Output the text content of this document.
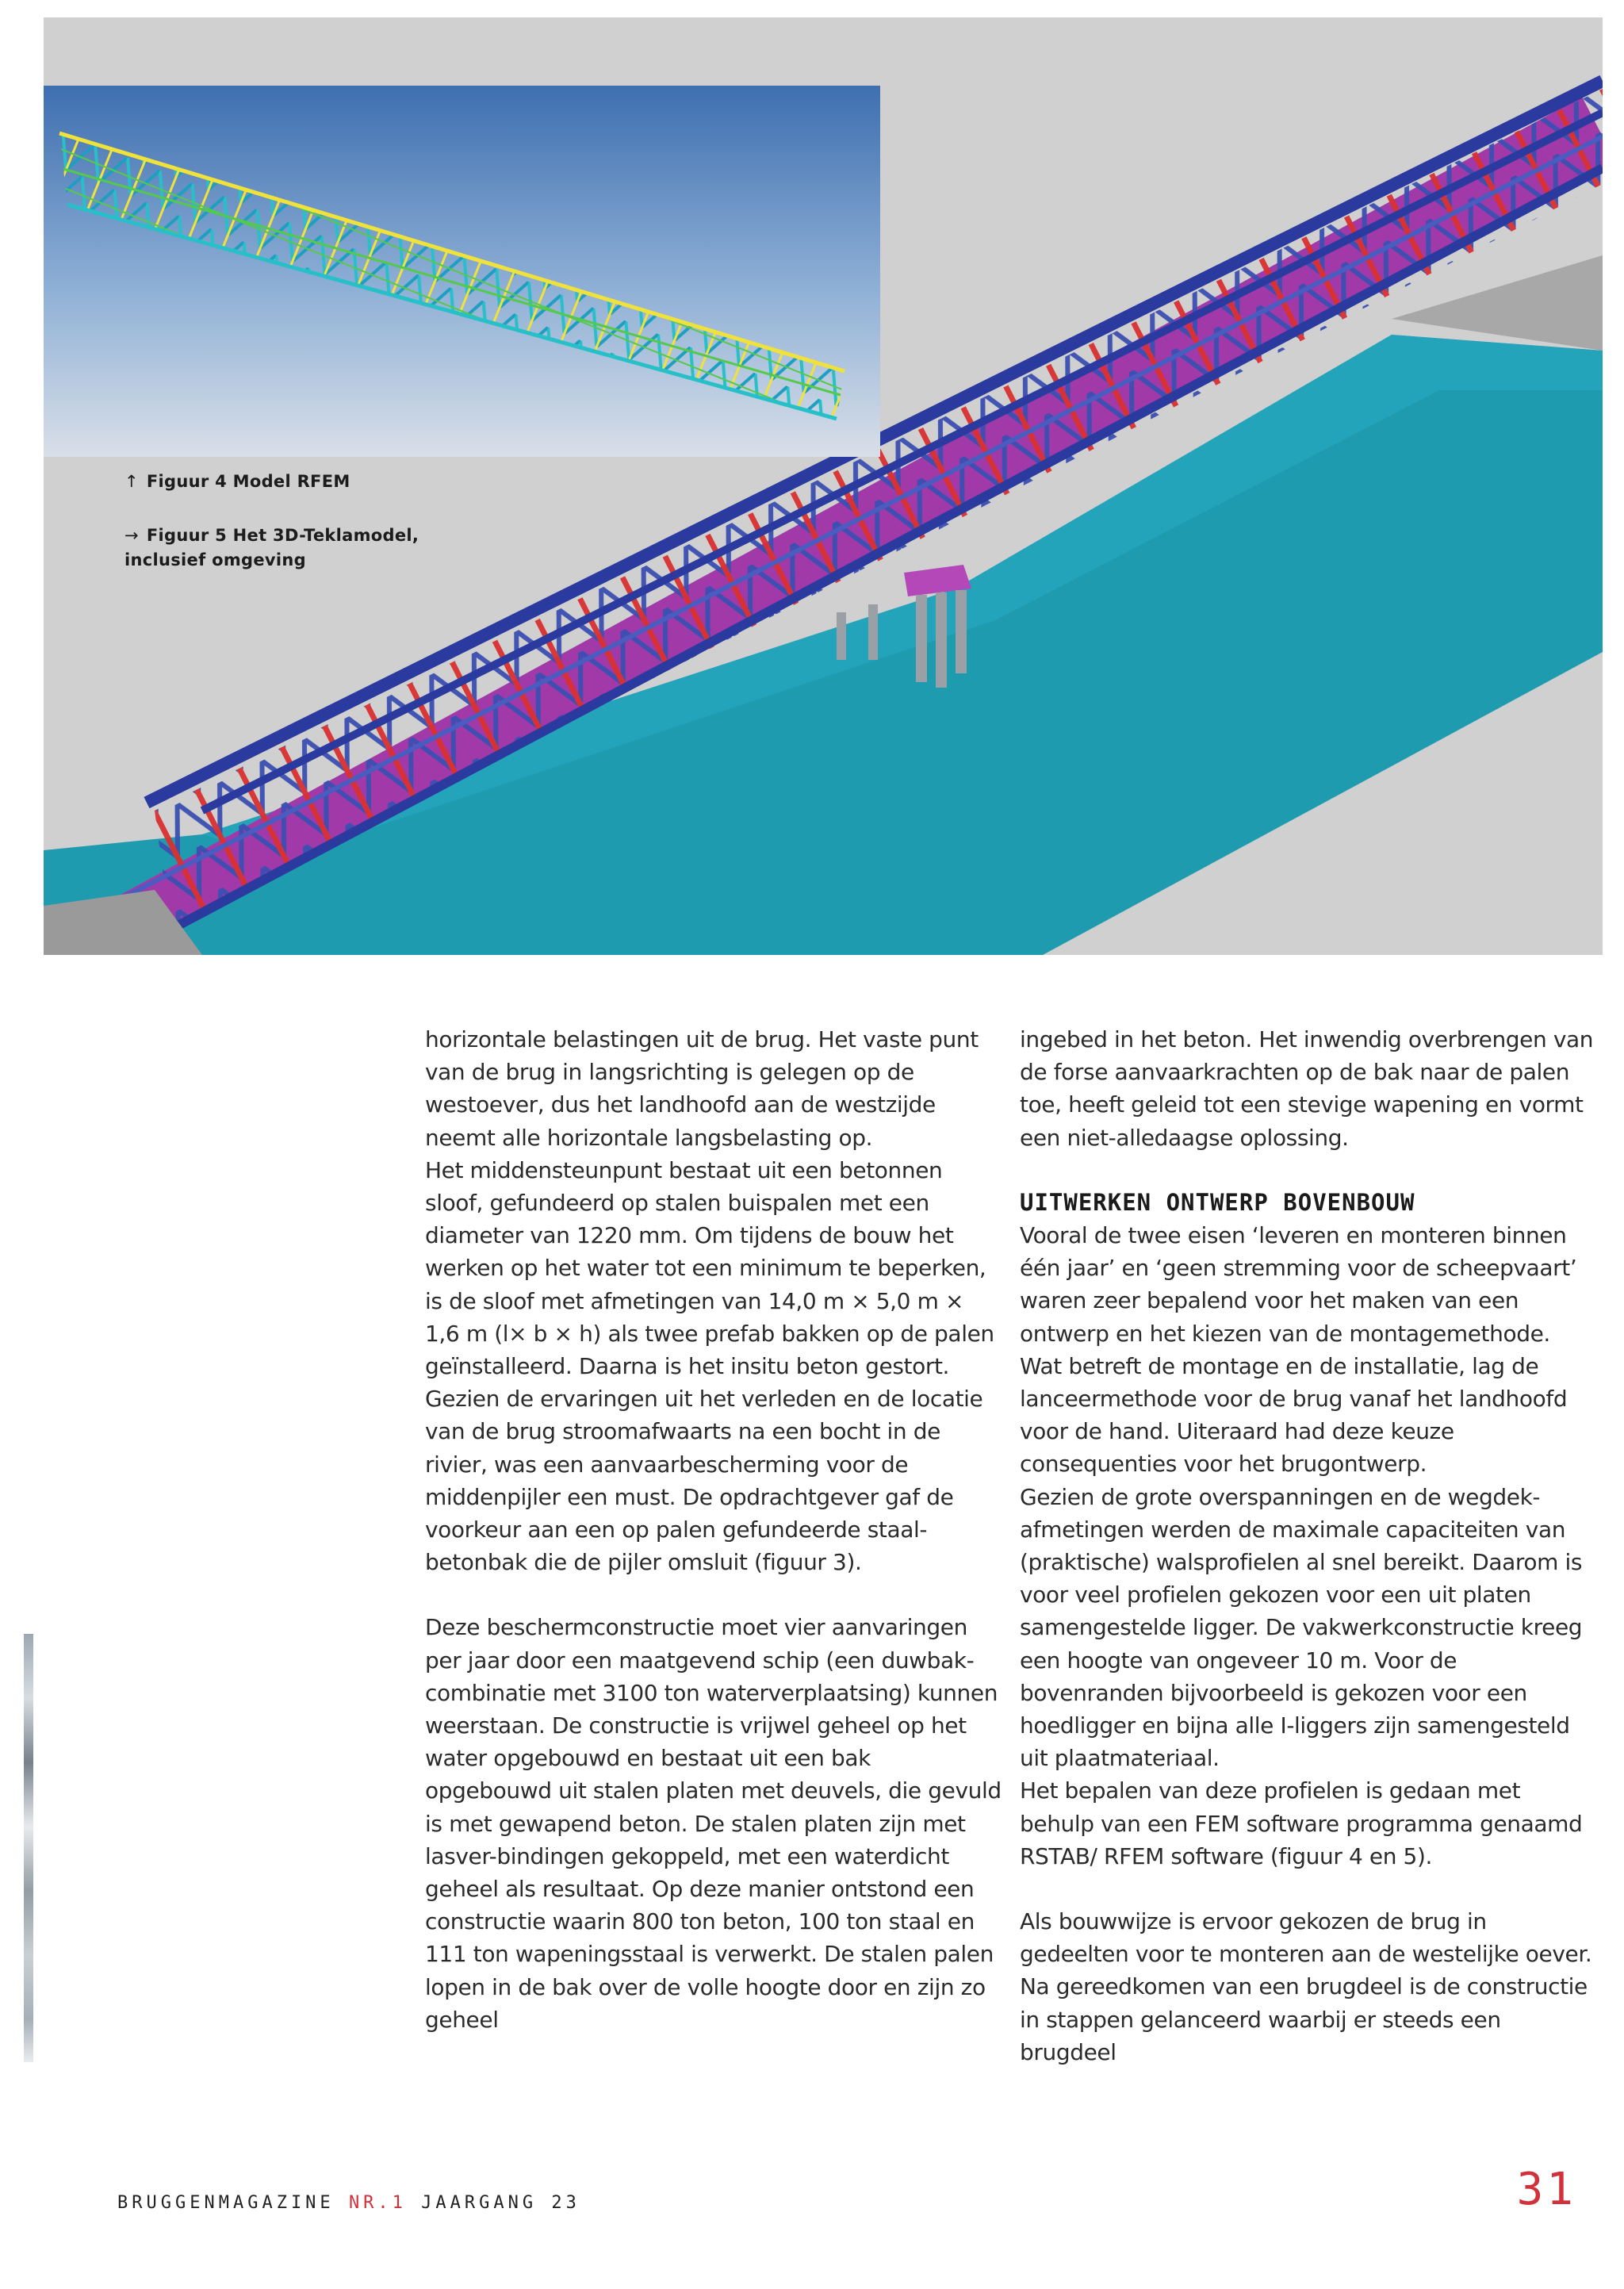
↑ Figuur 4 Model RFEM
→ Figuur 5 Het 3D-Teklamodel,
inclusief omgeving

horizontale belastingen uit de brug. Het vaste punt van de brug in langsrichting is gelegen op de westoever, dus het landhoofd aan de westzijde neemt alle horizontale langsbelasting op.

Het middensteunpunt bestaat uit een betonnen sloof, gefundeerd op stalen buispalen met een diameter van 1220 mm. Om tijdens de bouw het werken op het water tot een minimum te beperken, is de sloof met afmetingen van 14,0 m × 5,0 m × 1,6 m (l× b × h) als twee prefab bakken op de palen geïnstalleerd. Daarna is het insitu beton gestort.

Gezien de ervaringen uit het verleden en de locatie van de brug stroomafwaarts na een bocht in de rivier, was een aanvaarbescherming voor de middenpijler een must. De opdrachtgever gaf de voorkeur aan een op palen gefundeerde staal-betonbak die de pijler omsluit (figuur 3).

Deze beschermconstructie moet vier aanvaringen per jaar door een maatgevend schip (een duwbak-combinatie met 3100 ton waterverplaatsing) kunnen weerstaan. De constructie is vrijwel geheel op het water opgebouwd en bestaat uit een bak opgebouwd uit stalen platen met deuvels, die gevuld is met gewapend beton. De stalen platen zijn met lasver-bindingen gekoppeld, met een waterdicht geheel als resultaat. Op deze manier ontstond een constructie waarin 800 ton beton, 100 ton staal en 111 ton wapeningsstaal is verwerkt. De stalen palen lopen in de bak over de volle hoogte door en zijn zo geheel

ingebed in het beton. Het inwendig overbrengen van de forse aanvaarkrachten op de bak naar de palen toe, heeft geleid tot een stevige wapening en vormt een niet-alledaagse oplossing.

UITWERKEN ONTWERP BOVENBOUW

Vooral de twee eisen ‘leveren en monteren binnen één jaar’ en ‘geen stremming voor de scheepvaart’ waren zeer bepalend voor het maken van een ontwerp en het kiezen van de montagemethode.

Wat betreft de montage en de installatie, lag de lanceermethode voor de brug vanaf het landhoofd voor de hand. Uiteraard had deze keuze consequenties voor het brugontwerp.

Gezien de grote overspanningen en de wegdek-afmetingen werden de maximale capaciteiten van (praktische) walsprofielen al snel bereikt. Daarom is voor veel profielen gekozen voor een uit platen samengestelde ligger. De vakwerkconstructie kreeg een hoogte van ongeveer 10 m. Voor de bovenranden bijvoorbeeld is gekozen voor een hoedligger en bijna alle I-liggers zijn samengesteld uit plaatmateriaal.

Het bepalen van deze profielen is gedaan met behulp van een FEM software programma genaamd RSTAB/ RFEM software (figuur 4 en 5).

Als bouwwijze is ervoor gekozen de brug in gedeelten voor te monteren aan de westelijke oever. Na gereedkomen van een brugdeel is de constructie in stappen gelanceerd waarbij er steeds een brugdeel

BRUGGENMAGAZINE NR.1 JAARGANG 23	31
